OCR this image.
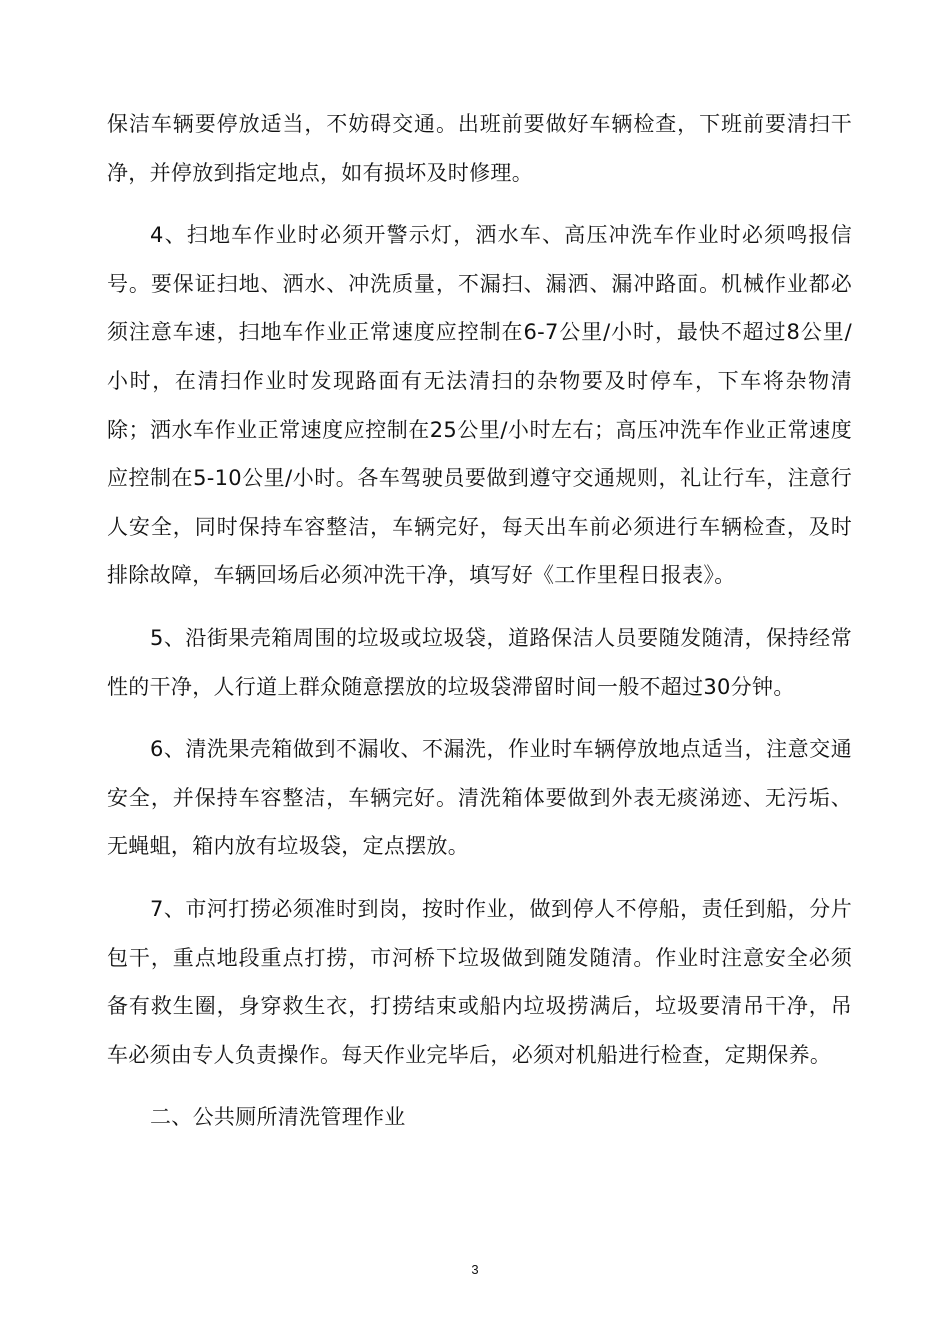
保洁车辆要停放适当，不妨碍交通。出班前要做好车辆检查，下班前要清扫干净，并停放到指定地点，如有损坏及时修理。

4、扫地车作业时必须开警示灯，洒水车、高压冲洗车作业时必须鸣报信号。要保证扫地、洒水、冲洗质量，不漏扫、漏洒、漏冲路面。机械作业都必须注意车速，扫地车作业正常速度应控制在6-7公里/小时，最快不超过8公里/小时，在清扫作业时发现路面有无法清扫的杂物要及时停车，下车将杂物清除；洒水车作业正常速度应控制在25公里/小时左右；高压冲洗车作业正常速度应控制在5-10公里/小时。各车驾驶员要做到遵守交通规则，礼让行车，注意行人安全，同时保持车容整洁，车辆完好，每天出车前必须进行车辆检查，及时排除故障，车辆回场后必须冲洗干净，填写好《工作里程日报表》。

5、沿街果壳箱周围的垃圾或垃圾袋，道路保洁人员要随发随清，保持经常性的干净，人行道上群众随意摆放的垃圾袋滞留时间一般不超过30分钟。

6、清洗果壳箱做到不漏收、不漏洗，作业时车辆停放地点适当，注意交通安全，并保持车容整洁，车辆完好。清洗箱体要做到外表无痰涕迹、无污垢、无蝇蛆，箱内放有垃圾袋，定点摆放。

7、市河打捞必须准时到岗，按时作业，做到停人不停船，责任到船，分片包干，重点地段重点打捞，市河桥下垃圾做到随发随清。作业时注意安全必须备有救生圈，身穿救生衣，打捞结束或船内垃圾捞满后，垃圾要清吊干净，吊车必须由专人负责操作。每天作业完毕后，必须对机船进行检查，定期保养。

二、公共厕所清洗管理作业

3
